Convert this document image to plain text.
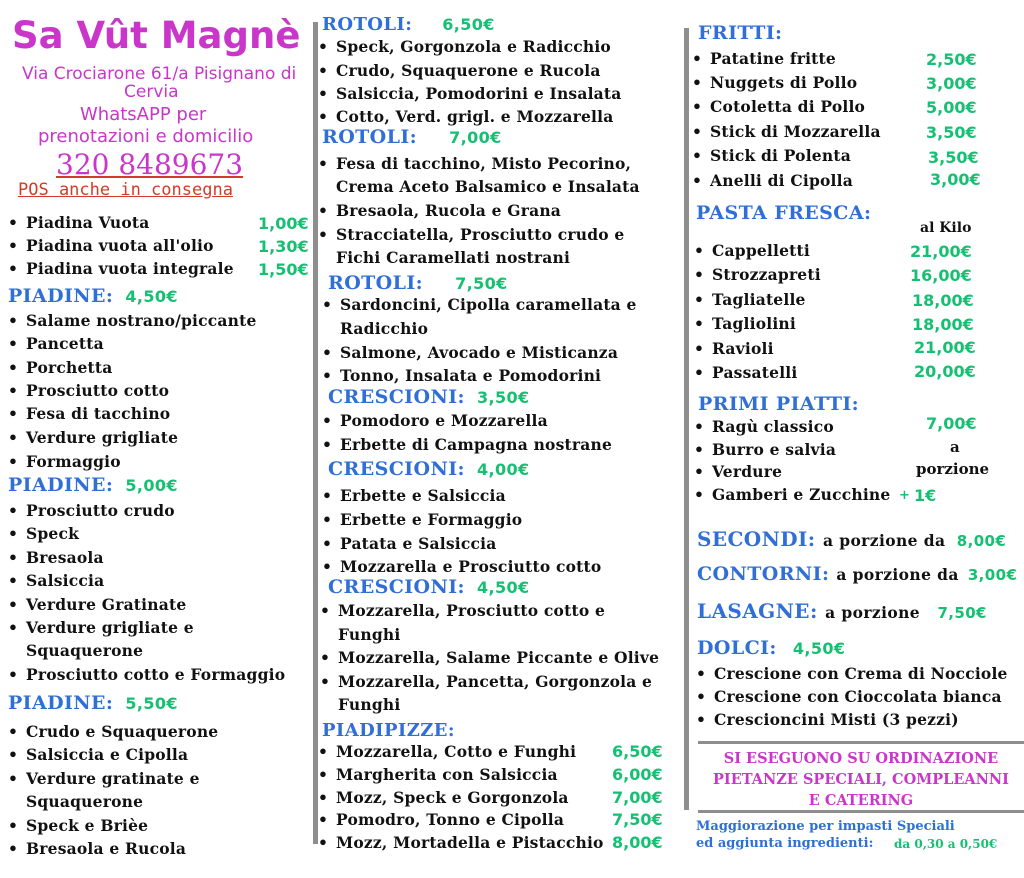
Sa Vût Magnè
Via Crociarone 61/a Pisignano di
Cervia
WhatsAPP per
prenotazioni e domicilio
320 8489673
POS anche in consegna
• Piadina Vuota	1,00€
• Piadina vuota all'olio	1,30€
• Piadina vuota integrale 1,50€
PIADINE: 4,50€
• Salame nostrano/piccante
• Pancetta
• Porchetta
• Prosciutto cotto
• Fesa di tacchino
• Verdure grigliate
• Formaggio
PIADINE: 5,00€
• Prosciutto crudo
• Speck
• Bresaola
• Salsiccia
• Verdure Gratinate
• Verdure grigliate e
Squaquerone
• Prosciutto cotto e Formaggio
PIADINE: 5,50€
• Crudo e Squaquerone
• Salsiccia e Cipolla
• Verdure gratinate e
Squaquerone
• Speck e Brièe
• Bresaola e Rucola
ROTOLI: 6,50€
• Speck, Gorgonzola e Radicchio
• Crudo, Squaquerone e Rucola
• Salsiccia, Pomodorini e Insalata
• Cotto, Verd. grigl. e Mozzarella
ROTOLI: 7,00€
• Fesa di tacchino, Misto Pecorino,
Crema Aceto Balsamico e Insalata
• Bresaola, Rucola e Grana
• Stracciatella, Prosciutto crudo e
Fichi Caramellati nostrani
ROTOLI: 7,50€
• Sardoncini, Cipolla caramellata e
Radicchio
• Salmone, Avocado e Misticanza
• Tonno, Insalata e Pomodorini
CRESCIONI: 3,50€
• Pomodoro e Mozzarella
• Erbette di Campagna nostrane
CRESCIONI: 4,00€
• Erbette e Salsiccia
• Erbette e Formaggio
• Patata e Salsiccia
• Mozzarella e Prosciutto cotto
CRESCIONI: 4,50€
• Mozzarella, Prosciutto cotto e
Funghi
• Mozzarella, Salame Piccante e Olive
• Mozzarella, Pancetta, Gorgonzola e
Funghi
PIADIPIZZE:
• Mozzarella, Cotto e Funghi 6,50€
• Margherita con Salsiccia	6,00€
• Mozz, Speck e Gorgonzola	7,00€
• Pomodro, Tonno e Cipolla	7,50€
• Mozz, Mortadella e Pistacchio 8,00€
FRITTI:
• Patatine fritte	2,50€
• Nuggets di Pollo	3,00€
• Cotoletta di Pollo	5,00€
• Stick di Mozzarella	3,50€
• Stick di Polenta	3,50€
• Anelli di Cipolla	3,00€
PASTA FRESCA:
al Kilo
• Cappelletti	21,00€
• Strozzapreti	16,00€
• Tagliatelle	18,00€
• Tagliolini	18,00€
• Ravioli	21,00€
• Passatelli	20,00€
PRIMI PIATTI:
7,00€
• Ragù classico
• Burro e salvia	a
• Verdure	porzione
• Gamberi e Zucchine + 1€
SECONDI: a porzione da 8,00€
CONTORNI: a porzione da 3,00€
LASAGNE: a porzione 7,50€
DOLCI: 4,50€
• Crescione con Crema di Nocciole
• Crescione con Cioccolata bianca
• Crescioncini Misti (3 pezzi)
SI ESEGUONO SU ORDINAZIONE
PIETANZE SPECIALI, COMPLEANNI
E CATERING
Maggiorazione per impasti Speciali
ed aggiunta ingredienti: da 0,30 a 0,50€
